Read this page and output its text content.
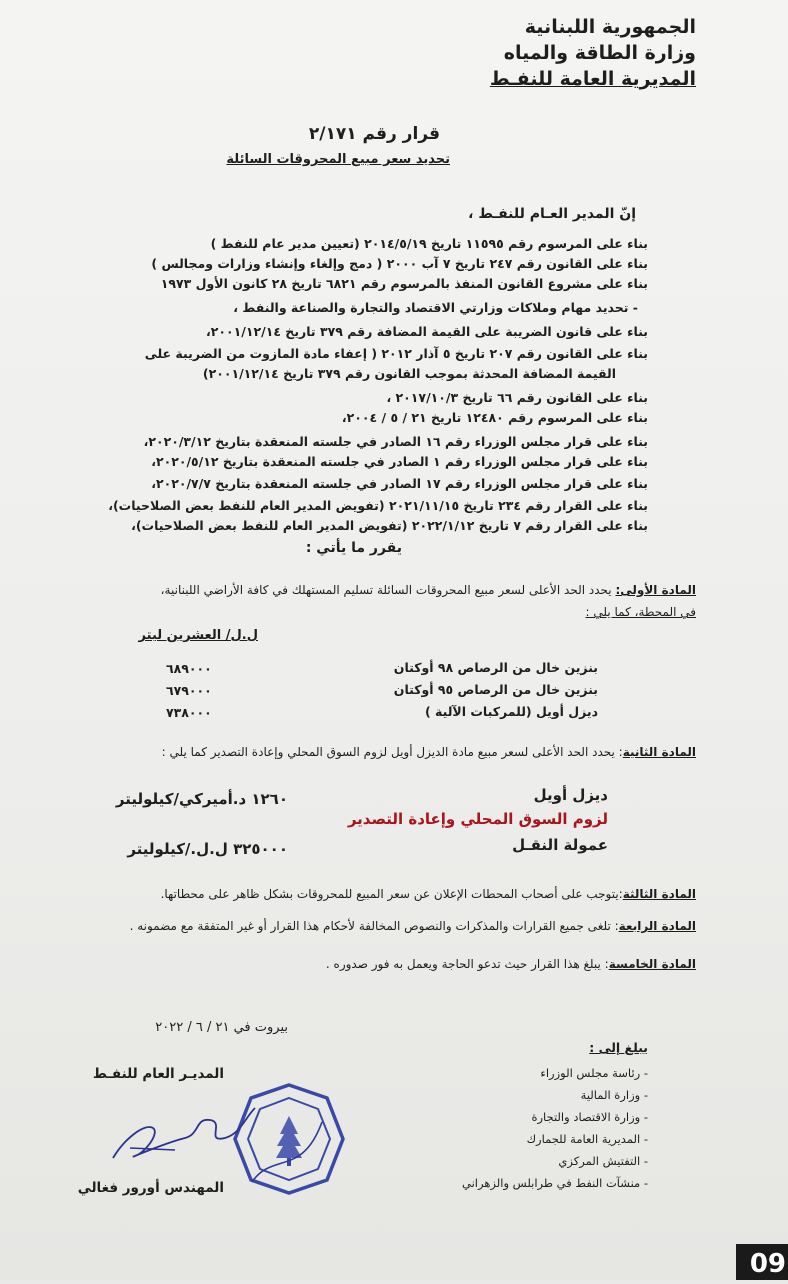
الجمهورية اللبنانية
وزارة الطاقة والمياه
المديرية العامة للنفـط
قرار رقم ٢/١٧١
تحديد سعر مبيع المحروقات السائلة
إنّ المدير العـام للنفـط ،
بناء على المرسوم رقم ١١٥٩٥ تاريخ ٢٠١٤/٥/١٩ (تعيين مدير عام للنفط )
بناء على القانون رقم ٢٤٧ تاريخ ٧ آب ٢٠٠٠ ( دمج وإلغاء وإنشاء وزارات ومجالس )
بناء على مشروع القانون المنفذ بالمرسوم رقم ٦٨٢١ تاريخ ٢٨ كانون الأول ١٩٧٣
- تحديد مهام وملاكات وزارتي الاقتصاد والتجارة والصناعة والنفط ،
بناء على قانون الضريبة على القيمة المضافة رقم ٣٧٩ تاريخ ٢٠٠١/١٢/١٤،
بناء على القانون رقم ٢٠٧ تاريخ ٥ آذار ٢٠١٢ ( إعفاء مادة المازوت من الضريبة على
القيمة المضافة المحدثة بموجب القانون رقم ٣٧٩ تاريخ ٢٠٠١/١٢/١٤)
بناء على القانون رقم ٦٦ تاريخ ٢٠١٧/١٠/٣ ،
بناء على المرسوم رقم ١٢٤٨٠ تاريخ ٢١ / ٥ / ٢٠٠٤،
بناء على قرار مجلس الوزراء رقم ١٦ الصادر في جلسته المنعقدة بتاريخ ٢٠٢٠/٣/١٢،
بناء على قرار مجلس الوزراء رقم ١ الصادر في جلسته المنعقدة بتاريخ ٢٠٢٠/٥/١٢،
بناء على قرار مجلس الوزراء رقم ١٧ الصادر في جلسته المنعقدة بتاريخ ٢٠٢٠/٧/٧،
بناء على القرار رقم ٢٣٤ تاريخ ٢٠٢١/١١/١٥ (تفويض المدير العام للنفط بعض الصلاحيات)،
بناء على القرار رقم ٧ تاريخ ٢٠٢٢/١/١٢ (تفويض المدير العام للنفط بعض الصلاحيات)،
يقرر ما يأتي :
المادة الأولى: يحدد الحد الأعلى لسعر مبيع المحروقات السائلة تسليم المستهلك في كافة الأراضي اللبنانية،
في المحطة، كما يلي :
ل.ل/ العشرين ليتر
بنزين خال من الرصاص ٩٨ أوكتان
٦٨٩٠٠٠
بنزين خال من الرصاص ٩٥ أوكتان
٦٧٩٠٠٠
ديزل أويل (للمركبات الآلية )
٧٣٨٠٠٠
المادة الثانية: يحدد الحد الأعلى لسعر مبيع مادة الديزل أويل لزوم السوق المحلي وإعادة التصدير كما يلي :
ديزل أويل
١٢٦٠ د.أميركي/كيلوليتر
لزوم السوق المحلي وإعادة التصدير
عمولة النقـل
٣٢٥٠٠٠ ل.ل./كيلوليتر
المادة الثالثة:يتوجب على أصحاب المحطات الإعلان عن سعر المبيع للمحروقات بشكل ظاهر على محطاتها.
المادة الرابعة: تلغى جميع القرارات والمذكرات والنصوص المخالفة لأحكام هذا القرار أو غير المتفقة مع مضمونه .
المادة الخامسة: يبلغ هذا القرار حيث تدعو الحاجة ويعمل به فور صدوره .
بيروت في ٢١ / ٦ / ٢٠٢٢
يبلغ إلى :
- رئاسة مجلس الوزراء
- وزارة المالية
- وزارة الاقتصاد والتجارة
- المديرية العامة للجمارك
- التفتيش المركزي
- منشآت النفط في طرابلس والزهراني
المديـر العام للنفـط
المهندس أورور فغالي
09
